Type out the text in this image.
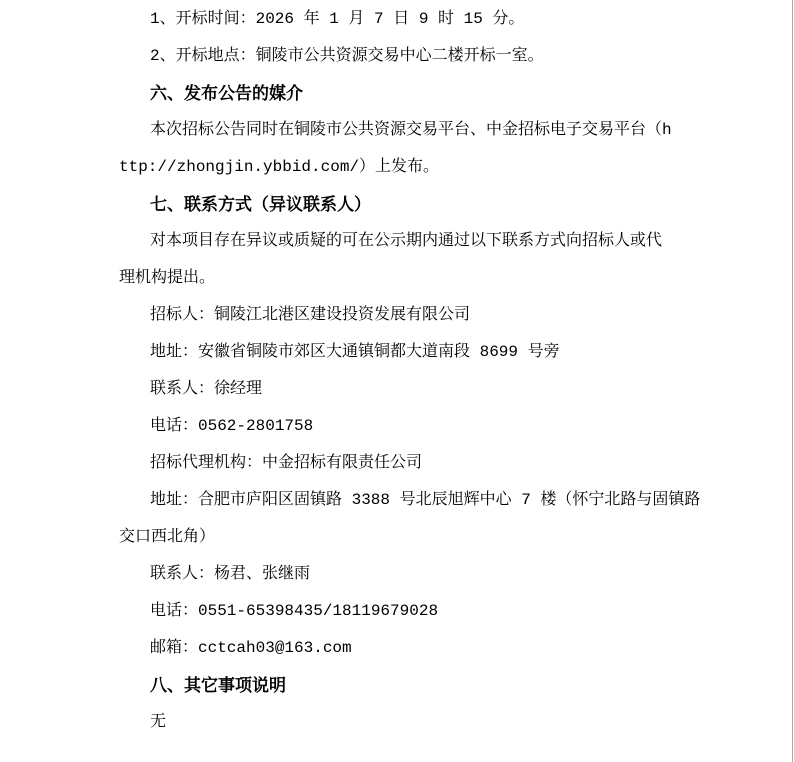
1、开标时间：2026 年 1 月 7 日 9 时 15 分。
2、开标地点：铜陵市公共资源交易中心二楼开标一室。
六、发布公告的媒介
本次招标公告同时在铜陵市公共资源交易平台、中金招标电子交易平台（h
ttp://zhongjin.ybbid.com/）上发布。
七、联系方式（异议联系人）
对本项目存在异议或质疑的可在公示期内通过以下联系方式向招标人或代
理机构提出。
招标人：铜陵江北港区建设投资发展有限公司
地址：安徽省铜陵市郊区大通镇铜都大道南段 8699 号旁
联系人：徐经理
电话：0562-2801758
招标代理机构：中金招标有限责任公司
地址：合肥市庐阳区固镇路 3388 号北辰旭辉中心 7 楼（怀宁北路与固镇路
交口西北角）
联系人：杨君、张继雨
电话：0551-65398435/18119679028
邮箱：cctcah03@163.com
八、其它事项说明
无
